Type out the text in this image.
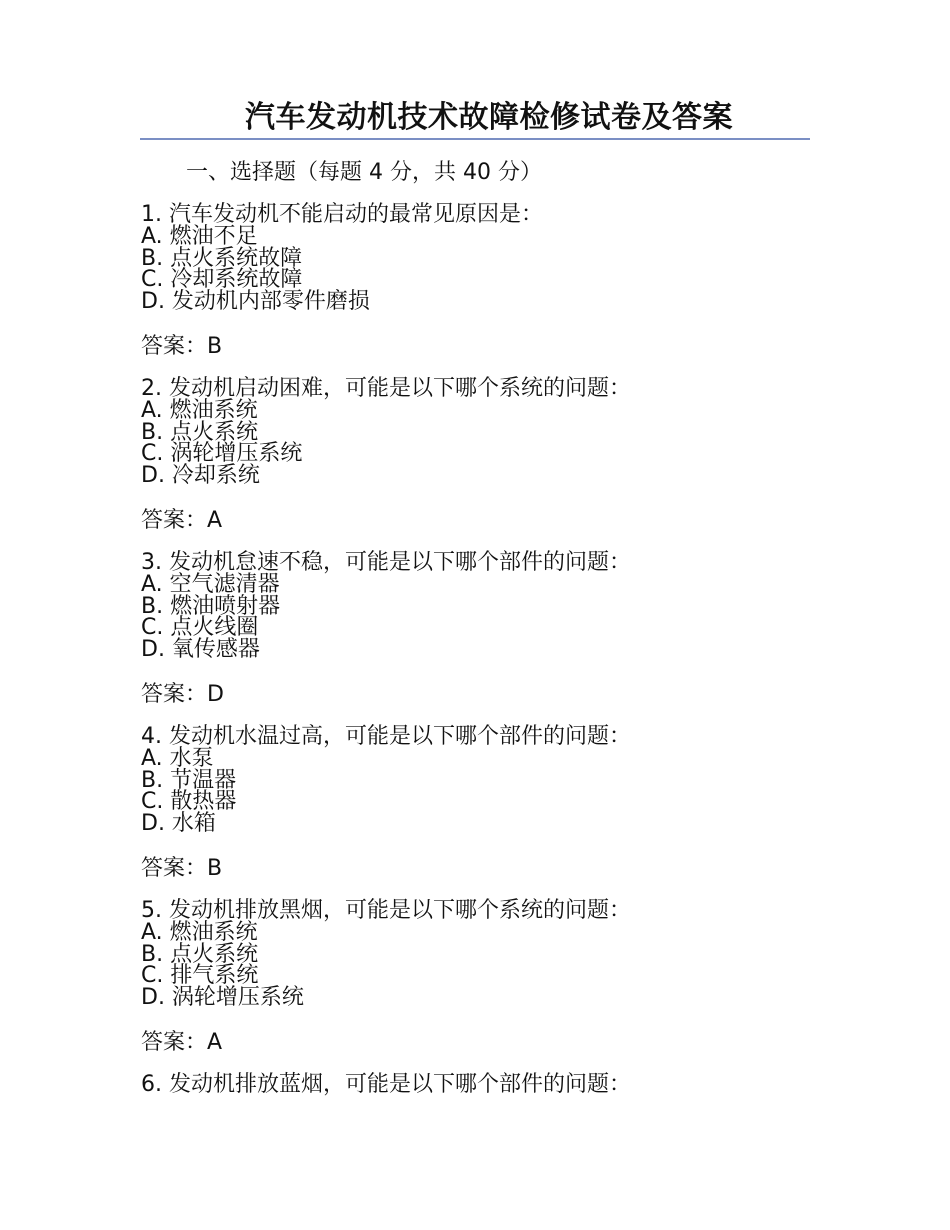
汽车发动机技术故障检修试卷及答案
一、选择题（每题 4 分，共 40 分）
1. 汽车发动机不能启动的最常见原因是：
A. 燃油不足
B. 点火系统故障
C. 冷却系统故障
D. 发动机内部零件磨损
答案：B
2. 发动机启动困难，可能是以下哪个系统的问题：
A. 燃油系统
B. 点火系统
C. 涡轮增压系统
D. 冷却系统
答案：A
3. 发动机怠速不稳，可能是以下哪个部件的问题：
A. 空气滤清器
B. 燃油喷射器
C. 点火线圈
D. 氧传感器
答案：D
4. 发动机水温过高，可能是以下哪个部件的问题：
A. 水泵
B. 节温器
C. 散热器
D. 水箱
答案：B
5. 发动机排放黑烟，可能是以下哪个系统的问题：
A. 燃油系统
B. 点火系统
C. 排气系统
D. 涡轮增压系统
答案：A
6. 发动机排放蓝烟，可能是以下哪个部件的问题：
